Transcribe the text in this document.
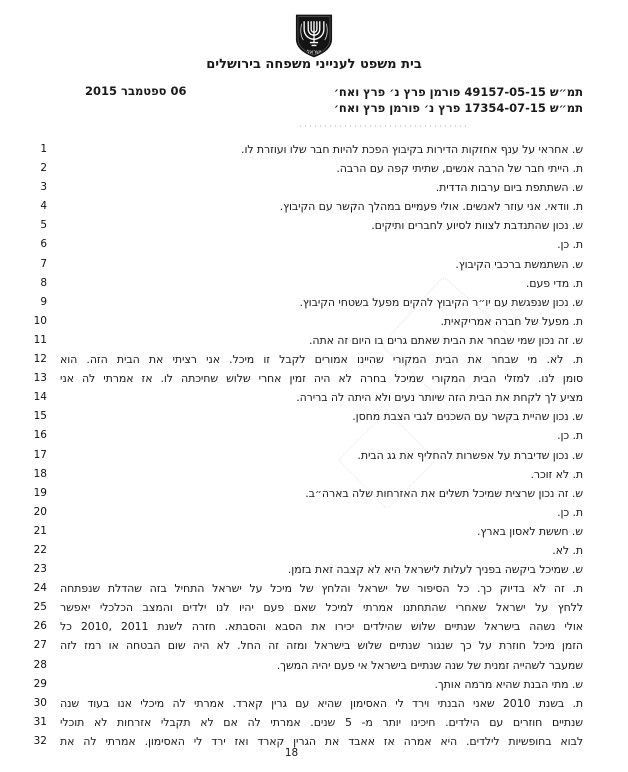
ישראל
בית משפט לענייני משפחה בירושלים
תמ״ש 49157-05-15 פורמן פרץ נ׳ פרץ ואח׳
תמ״ש 17354-07-15 פרץ נ׳ פורמן פרץ ואח׳
06 ספטמבר 2015
1	ש. אחראי על ענף אחזקות הדירות בקיבוץ הפכת להיות חבר שלו ועוזרת לו.
2	ת. הייתי חבר של הרבה אנשים, שתיתי קפה עם הרבה.
3	ש. השתתפת ביום ערבות הדדית.
4	ת. וודאי. אני עוזר לאנשים. אולי פעמיים במהלך הקשר עם הקיבוץ.
5	ש. נכון שהתנדבת לצוות לסיוע לחברים ותיקים.
6	ת. כן.
7	ש. השתמשת ברכבי הקיבוץ.
8	ת. מדי פעם.
9	ש. נכון שנפגשת עם יו״ר הקיבוץ להקים מפעל בשטחי הקיבוץ.
10	ת. מפעל של חברה אמריקאית.
11	ש. זה נכון שמי שבחר את הבית שאתם גרים בו היום זה אתה.
12 ת. לא. מי שבחר את הבית המקורי שהיינו אמורים לקבל זו מיכל. אני רציתי את הבית הזה. הוא
13 סומן לנו. למזלי הבית המקורי שמיכל בחרה לא היה זמין אחרי שלוש שחיכתה לו. אז אמרתי לה אני
14	מציע לך לקחת את הבית הזה שיותר נעים ולא היתה לה ברירה.
15	ש. נכון שהיית בקשר עם השכנים לגבי הצבת מחסן.
16	ת. כן.
17	ש. נכון שדיברת על אפשרות להחליף את גג הבית.
18	ת. לא זוכר.
19	ש. זה נכון שרצית שמיכל תשלים את האזרחות שלה בארה״ב.
20	ת. כן.
21	ש. חששת לאסון בארץ.
22	ת. לא.
23	ש. שמיכל ביקשה בפניך לעלות לישראל היא לא קצבה זאת בזמן.
24 ת. זה לא בדיוק כך. כל הסיפור של ישראל והלחץ של מיכל על ישראל התחיל בזה שהדלת שנפתחה
25 ללחץ על ישראל שאחרי שהתחתנו אמרתי למיכל שאם פעם יהיו לנו ילדים והמצב הכלכלי יאפשר
26 אולי נשהה בישראל שנתיים שלוש שהילדים יכירו את הסבא והסבתא. חזרה לשנת ⁦2010, 2011⁩ כל
27 הזמן מיכל חוזרת על כך שנגור שנתיים שלוש בישראל ומזה זה החל. לא היה שום הבטחה או רמז לזה
28	שמעבר לשהייה זמנית של שנה שנתיים בישראל אי פעם יהיה המשך.
29	ש. מתי הבנת שהיא מרמה אותך.
30 ת. בשנת 2010 שאני הבנתי וירד לי האסימון שהיא עם גרין קארד. אמרתי לה מיכלי אנו בעוד שנה
31 שנתיים חוזרים עם הילדים. חיכינו יותר מ- 5 שנים. אמרתי לה אם לא תקבלי אזרחות לא תוכלי
32 לבוא בחופשיות לילדים. היא אמרה אז אאבד את הגרין קארד ואז ירד לי האסימון. אמרתי לה את
18
